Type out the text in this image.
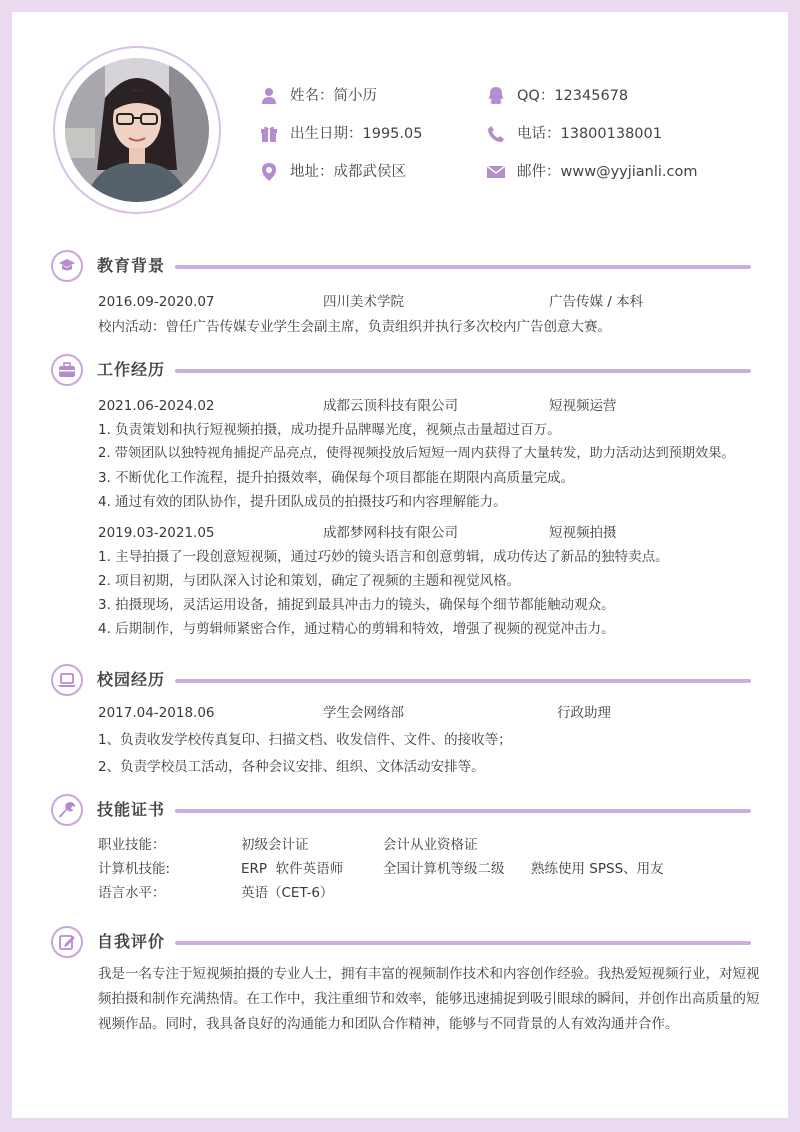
姓名：简小历
出生日期：1995.05
地址：成都武侯区
QQ：12345678
电话：13800138001
邮件：www@yyjianli.com
教育背景
2016.09-2020.07	四川美术学院	广告传媒 / 本科
校内活动：曾任广告传媒专业学生会副主席，负责组织并执行多次校内广告创意大赛。
工作经历
2021.06-2024.02	成都云顶科技有限公司	短视频运营
1. 负责策划和执行短视频拍摄，成功提升品牌曝光度，视频点击量超过百万。
2. 带领团队以独特视角捕捉产品亮点，使得视频投放后短短一周内获得了大量转发，助力活动达到预期效果。
3. 不断优化工作流程，提升拍摄效率，确保每个项目都能在期限内高质量完成。
4. 通过有效的团队协作，提升团队成员的拍摄技巧和内容理解能力。
2019.03-2021.05	成都梦网科技有限公司	短视频拍摄
1. 主导拍摄了一段创意短视频，通过巧妙的镜头语言和创意剪辑，成功传达了新品的独特卖点。
2. 项目初期，与团队深入讨论和策划，确定了视频的主题和视觉风格。
3. 拍摄现场，灵活运用设备，捕捉到最具冲击力的镜头，确保每个细节都能触动观众。
4. 后期制作，与剪辑师紧密合作，通过精心的剪辑和特效，增强了视频的视觉冲击力。
校园经历
2017.04-2018.06	学生会网络部	行政助理
1、负责收发学校传真复印、扫描文档、收发信件、文件、的接收等；
2、负责学校员工活动，各种会议安排、组织、文体活动安排等。
技能证书
职业技能：	初级会计证	会计从业资格证
计算机技能:	ERP  软件英语师	全国计算机等级二级 熟练使用 SPSS、用友
语言水平：	英语（CET-6）
自我评价
我是一名专注于短视频拍摄的专业人士，拥有丰富的视频制作技术和内容创作经验。我热爱短视频行业，对短视频拍摄和制作充满热情。在工作中，我注重细节和效率，能够迅速捕捉到吸引眼球的瞬间，并创作出高质量的短视频作品。同时，我具备良好的沟通能力和团队合作精神，能够与不同背景的人有效沟通并合作。
